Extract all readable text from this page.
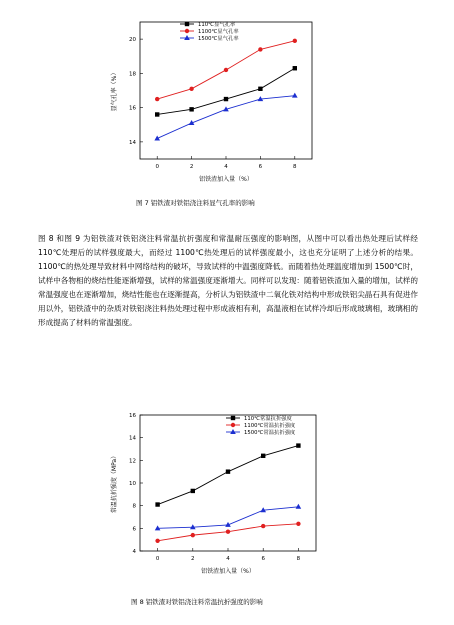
0	2	4	6	8
14
16
18
20
铝铁渣加入量（%）
显气孔率（%）
110℃显气孔率
1100℃显气孔率
1500℃显气孔率
图 7 铝铁渣对铁铝浇注料显气孔率的影响

图 8 和图 9 为铝铁渣对铁铝浇注料常温抗折强度和常温耐压强度的影响图，从图中可以看出热处理后试样经 110℃处理后的试样强度最大，而经过 1100℃热处理后的试样强度最小，这也充分证明了上述分析的结果。1100℃的热处理导致材料中网络结构的破坏，导致试样的中温强度降低。而随着热处理温度增加到 1500℃时，试样中各物相的烧结性能逐渐增强，试样的常温强度逐渐增大。同样可以发现：随着铝铁渣加入量的增加，试样的常温强度也在逐渐增加，烧结性能也在逐渐提高，分析认为铝铁渣中二氧化铁对结构中形成铁铝尖晶石具有促进作用以外，铝铁渣中的杂质对铁铝浇注料热处理过程中形成液相有利，高温液相在试样冷却后形成玻璃相，玻璃相的形成提高了材料的常温强度。

0	2	4	6	8
4
6
8
10
12
14
16
铝铁渣加入量（%）
常温抗折强度（MPa）
110℃常温抗折强度
1100℃常温抗折强度
1500℃常温抗折强度
图 8 铝铁渣对铁铝浇注料常温抗折强度的影响
